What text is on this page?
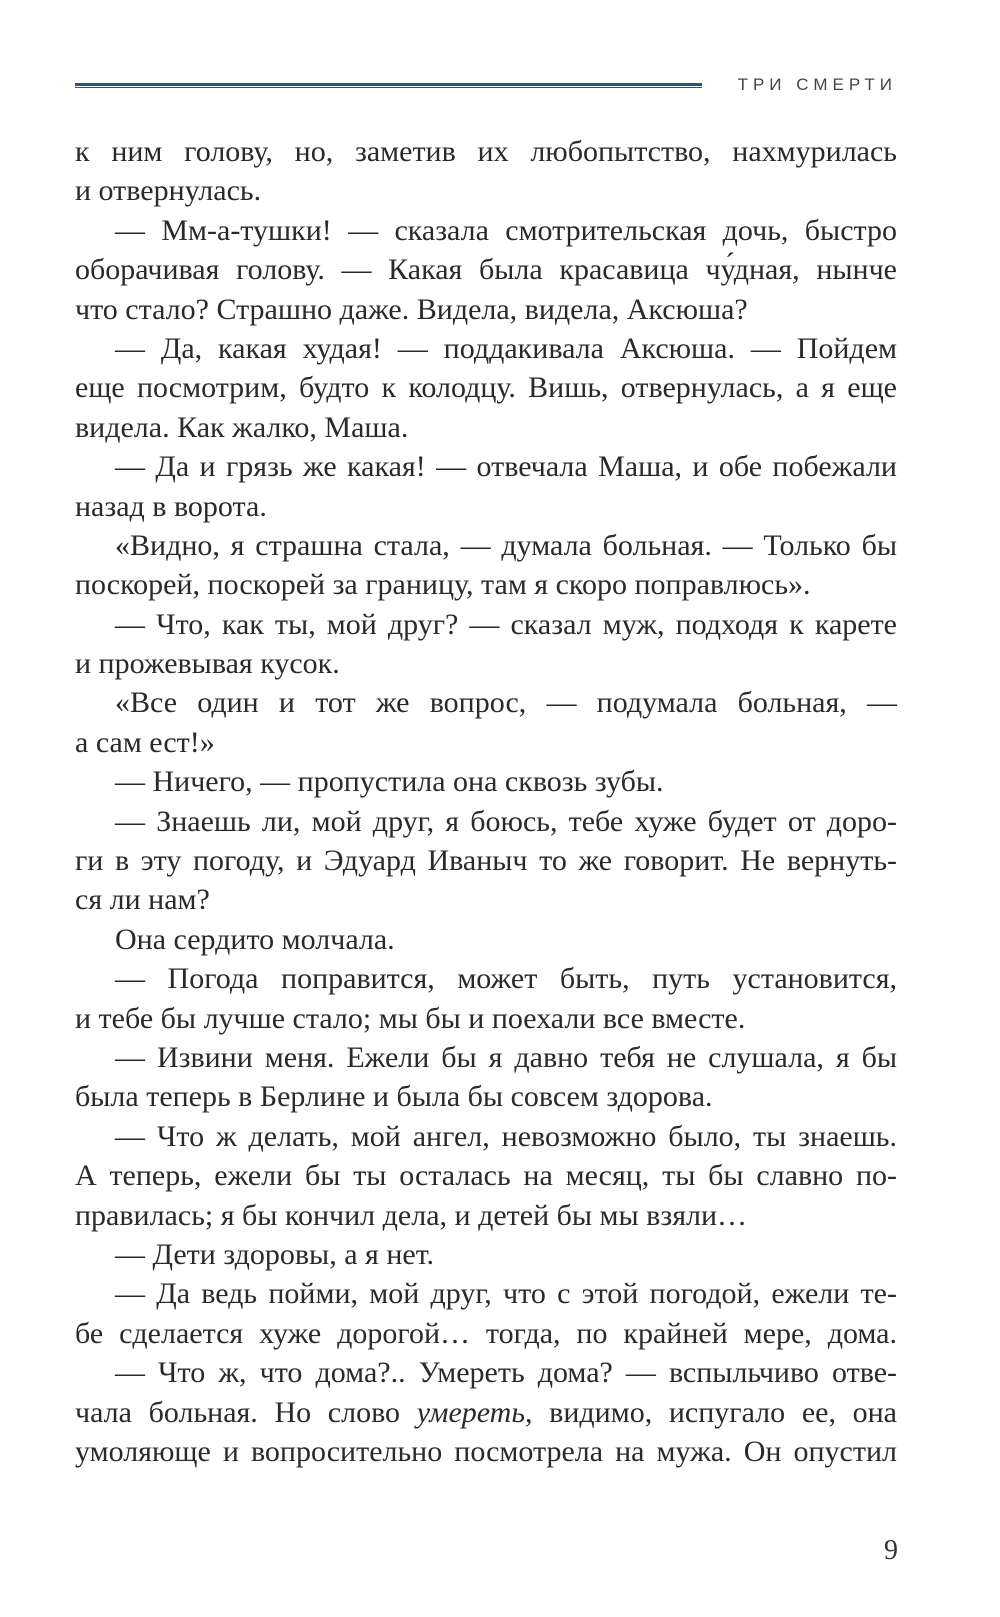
ТРИ СМЕРТИ
к ним голову, но, заметив их любопытство, нахмурилась
и отвернулась.
— Мм-а-тушки! — сказала смотрительская дочь, быстро
оборачивая голову. — Какая была красавица чу́дная, нынче
что стало? Страшно даже. Видела, видела, Аксюша?
— Да, какая худая! — поддакивала Аксюша. — Пойдем
еще посмотрим, будто к колодцу. Вишь, отвернулась, а я еще
видела. Как жалко, Маша.
— Да и грязь же какая! — отвечала Маша, и обе побежали
назад в ворота.
«Видно, я страшна стала, — думала больная. — Только бы
поскорей, поскорей за границу, там я скоро поправлюсь».
— Что, как ты, мой друг? — сказал муж, подходя к карете
и прожевывая кусок.
«Все один и тот же вопрос, — подумала больная, —
а сам ест!»
— Ничего, — пропустила она сквозь зубы.
— Знаешь ли, мой друг, я боюсь, тебе хуже будет от доро-
ги в эту погоду, и Эдуард Иваныч то же говорит. Не вернуть-
ся ли нам?
Она сердито молчала.
— Погода поправится, может быть, путь установится,
и тебе бы лучше стало; мы бы и поехали все вместе.
— Извини меня. Ежели бы я давно тебя не слушала, я бы
была теперь в Берлине и была бы совсем здорова.
— Что ж делать, мой ангел, невозможно было, ты знаешь.
А теперь, ежели бы ты осталась на месяц, ты бы славно по-
правилась; я бы кончил дела, и детей бы мы взяли…
— Дети здоровы, а я нет.
— Да ведь пойми, мой друг, что с этой погодой, ежели те-
бе сделается хуже дорогой… тогда, по крайней мере, дома.
— Что ж, что дома?.. Умереть дома? — вспыльчиво отве-
чала больная. Но слово умереть, видимо, испугало ее, она
умоляюще и вопросительно посмотрела на мужа. Он опустил
9
